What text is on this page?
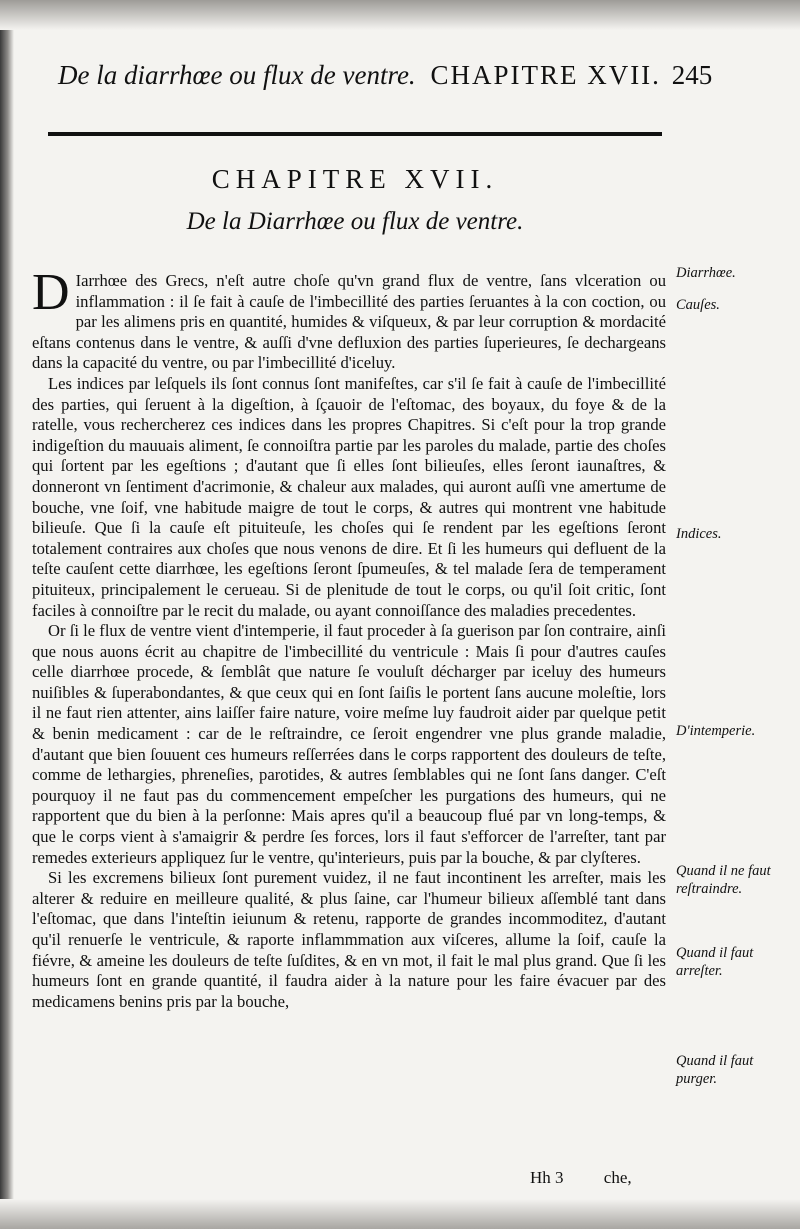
De la diarrhœe ou flux de ventre. CHAPITRE XVII. 245
CHAPITRE XVII.
De la Diarrhœe ou flux de ventre.

D Iarrhœe des Grecs, n'eſt autre choſe qu'vn grand flux de ventre, ſans vlceration ou inflammation : il ſe fait à cauſe de l'imbecillité des parties ſeruantes à la con coction, ou par les alimens pris en quantité, humides & viſqueux, & par leur corruption & mordacité eſtans contenus dans le ventre, & auſſi d'vne defluxion des parties ſuperieures, ſe dechargeans dans la capacité du ventre, ou par l'imbecillité d'iceluy.

Les indices par leſquels ils ſont connus ſont manifeſtes, car s'il ſe fait à cauſe de l'imbecillité des parties, qui ſeruent à la digeſtion, à ſçauoir de l'eſtomac, des boyaux, du foye & de la ratelle, vous rechercherez ces indices dans les propres Chapitres. Si c'eſt pour la trop grande indigeſtion du mauuais aliment, ſe connoiſtra partie par les paroles du malade, partie des choſes qui ſortent par les egeſtions ; d'autant que ſi elles ſont bilieuſes, elles ſeront iaunaſtres, & donneront vn ſentiment d'acrimonie, & chaleur aux malades, qui auront auſſi vne amertume de bouche, vne ſoif, vne habitude maigre de tout le corps, & autres qui montrent vne habitude bilieuſe. Que ſi la cauſe eſt pituiteuſe, les choſes qui ſe rendent par les egeſtions ſeront totalement contraires aux choſes que nous venons de dire. Et ſi les humeurs qui defluent de la teſte cauſent cette diarrhœe, les egeſtions ſeront ſpumeuſes, & tel malade ſera de temperament pituiteux, principalement le cerueau. Si de plenitude de tout le corps, ou qu'il ſoit critic, ſont faciles à connoiſtre par le recit du malade, ou ayant connoiſſance des maladies precedentes.

Or ſi le flux de ventre vient d'intemperie, il faut proceder à ſa guerison par ſon contraire, ainſi que nous auons écrit au chapitre de l'imbecillité du ventricule : Mais ſi pour d'autres cauſes celle diarrhœe procede, & ſemblât que nature ſe vouluſt décharger par iceluy des humeurs nuiſibles & ſuperabondantes, & que ceux qui en ſont ſaiſis le portent ſans aucune moleſtie, lors il ne faut rien attenter, ains laiſſer faire nature, voire meſme luy faudroit aider par quelque petit & benin medicament : car de le reſtraindre, ce ſeroit engendrer vne plus grande maladie, d'autant que bien ſouuent ces humeurs reſſerrées dans le corps rapportent des douleurs de teſte, comme de lethargies, phreneſies, parotides, & autres ſemblables qui ne ſont ſans danger. C'eſt pourquoy il ne faut pas du commencement empeſcher les purgations des humeurs, qui ne rapportent que du bien à la perſonne: Mais apres qu'il a beaucoup flué par vn long-temps, & que le corps vient à s'amaigrir & perdre ſes forces, lors il faut s'efforcer de l'arreſter, tant par remedes exterieurs appliquez ſur le ventre, qu'interieurs, puis par la bouche, & par clyſteres.

Si les excremens bilieux ſont purement vuidez, il ne faut incontinent les arreſter, mais les alterer & reduire en meilleure qualité, & plus ſaine, car l'humeur bilieux aſſemblé tant dans l'eſtomac, que dans l'inteſtin ieiunum & retenu, rapporte de grandes incommoditez, d'autant qu'il renuerſe le ventricule, & raporte inflammmation aux viſceres, allume la ſoif, cauſe la fiévre, & ameine les douleurs de teſte ſuſdites, & en vn mot, il fait le mal plus grand. Que ſi les humeurs ſont en grande quantité, il faudra aider à la nature pour les faire évacuer par des medicamens benins pris par la bouche,

Diarrhœe.
Cauſes.
Indices.
D'intemperie.
Quand il ne faut reſtraindre.
Quand il faut arreſter.
Quand il faut purger.
Hh 3 che,
